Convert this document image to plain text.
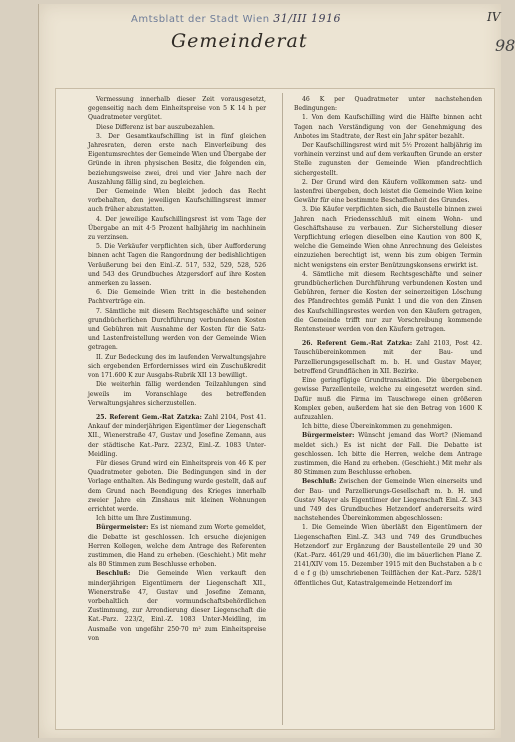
Amtsblatt der Stadt Wien 31/III 1916	IV
98
Gemeinderat

Vermessung innerhalb dieser Zeit vorausgesetzt, gegenseitig nach dem Einheitspreise von 5 K 14 h per Quadratmeter vergütet.

Diese Differenz ist bar auszubezahlen.

3. Der Gesamtkaufschilling ist in fünf gleichen Jahresraten, deren erste nach Einverleibung des Eigentumsrechtes der Gemeinde Wien und Übergabe der Gründe in ihren physischen Besitz, die folgenden ein, beziehungsweise zwei, drei und vier Jahre nach der Auszahlung fällig sind, zu begleichen.

Der Gemeinde Wien bleibt jedoch das Recht vorbehalten, den jeweiligen Kaufschillingsrest immer auch früher abzustatten.

4. Der jeweilige Kaufschillingsrest ist vom Tage der Übergabe an mit 4·5 Prozent halbjährig im nachhinein zu verzinsen.

5. Die Verkäufer verpflichten sich, über Aufforderung binnen acht Tagen die Rangordnung der bedishlichtigen Veräußerung bei den Einl.-Z. 517, 532, 529, 528, 526 und 543 des Grundbuches Atzgersdorf auf ihre Kosten anmerken zu lassen.

6. Die Gemeinde Wien tritt in die bestehenden Pachtverträge ein.

7. Sämtliche mit diesem Rechtsgeschäfte und seiner grundbücherlichen Durchführung verbundenen Kosten und Gebühren mit Ausnahme der Kosten für die Satz- und Lastenfreistellung werden von der Gemeinde Wien getragen.

II. Zur Bedeckung des im laufenden Verwaltungsjahre sich ergebenden Erfordernisses wird ein Zuschußkredit von 171.600 K zur Ausgabs-Rubrik XII 13 bewilligt.

Die weiterhin fällig werdenden Teilzahlungen sind jeweils im Voranschlage des betreffenden Verwaltungsjahres sicherzustellen.

25. Referent Gem.-Rat Zatzka: Zahl 2104, Post 41. Ankauf der minderjährigen Eigentümer der Liegenschaft XII., Wienerstraße 47, Gustav und Josefine Zemann, aus der städtische Kat.-Parz. 223/2, Einl.-Z. 1083 Unter-Meidling.

Für dieses Grund wird ein Einheitspreis von 46 K per Quadratmeter geboten. Die Bedingungen sind in der Vorlage enthalten. Als Bedingung wurde gestellt, daß auf dem Grund nach Beendigung des Krieges innerhalb zweier Jahre ein Zinshaus mit kleinen Wohnungen errichtet werde.

Ich bitte um Ihre Zustimmung.

Bürgermeister: Es ist niemand zum Worte gemeldet, die Debatte ist geschlossen. Ich ersuche diejenigen Herren Kollegen, welche dem Antrage des Referenten zustimmen, die Hand zu erheben. (Geschieht.) Mit mehr als 80 Stimmen zum Beschlusse erhoben.

Beschluß: Die Gemeinde Wien verkauft den minderjährigen Eigentümern der Liegenschaft XII., Wienerstraße 47, Gustav und Josefine Zemann, vorbehaltlich der vormundschaftsbehördlichen Zustimmung, zur Arrondierung dieser Liegenschaft die Kat.-Parz. 223/2, Einl.-Z. 1083 Unter-Meidling, im Ausmaße von ungefähr 250·70 m² zum Einheitspreise von

46 K per Quadratmeter unter nachstehenden Bedingungen:

1. Von dem Kaufschilling wird die Hälfte binnen acht Tagen nach Verständigung von der Genehmigung des Anbotes im Stadtrate, der Rest ein Jahr später bezahlt.

Der Kaufschillingsrest wird mit 5½ Prozent halbjährig im vorhinein verzinst und auf dem verkauften Grunde an erster Stelle zugunsten der Gemeinde Wien pfandrechtlich sichergestellt.

2. Der Grund wird den Käufern vollkommen satz- und lastenfrei übergeben, doch leistet die Gemeinde Wien keine Gewähr für eine bestimmte Beschaffenheit des Grundes.

3. Die Käufer verpflichten sich, die Baustelle binnen zwei Jahren nach Friedensschluß mit einem Wohn- und Geschäftshause zu verbauen. Zur Sicherstellung dieser Verpflichtung erlegen dieselben eine Kaution von 800 K, welche die Gemeinde Wien ohne Anrechnung des Geleistes einzuziehen berechtigt ist, wenn bis zum obigen Termin nicht wenigstens ein erster Benützungskonsens erwirkt ist.

4. Sämtliche mit diesem Rechtsgeschäfte und seiner grundbücherlichen Durchführung verbundenen Kosten und Gebühren, ferner die Kosten der seinerzeitigen Löschung des Pfandrechtes gemäß Punkt 1 und die von den Zinsen des Kaufschillingsrestes werden von den Käufern getragen, die Gemeinde trifft nur zur Vorschreibung kommende Rentensteuer werden von den Käufern getragen.

26. Referent Gem.-Rat Zatzka: Zahl 2103, Post 42. Tauschübereinkommen mit der Bau- und Parzellierungsgesellschaft m. b. H. und Gustav Mayer, betreffend Grundflächen in XII. Bezirke.

Eine geringfügige Grundtransaktion. Die übergebenen gewisse Parzellenteile, welche zu eingesetzt werden sind. Dafür muß die Firma im Tauschwege einen größeren Komplex geben, außerdem hat sie den Betrag von 1600 K aufzuzahlen.

Ich bitte, diese Übereinkommen zu genehmigen.

Bürgermeister: Wünscht jemand das Wort? (Niemand meldet sich.) Es ist nicht der Fall. Die Debatte ist geschlossen. Ich bitte die Herren, welche dem Antrage zustimmen, die Hand zu erheben. (Geschieht.) Mit mehr als 80 Stimmen zum Beschlusse erhoben.

Beschluß: Zwischen der Gemeinde Wien einerseits und der Bau- und Parzellierungs-Gesellschaft m. b. H. und Gustav Mayer als Eigentümer der Liegenschaft Einl.-Z. 343 und 749 des Grundbuches Hetzendorf andererseits wird nachstehendes Übereinkommen abgeschlossen:

1. Die Gemeinde Wien überläßt den Eigentümern der Liegenschaften Einl.-Z. 343 und 749 des Grundbuches Hetzendorf zur Ergänzung der Baustellenteile 29 und 30 (Kat.-Parz. 461/29 und 461/30), die im bäuerlichen Plane Z. 2141/XIV vom 15. Dezember 1915 mit den Buchstaben a b c d e f g (b) umschriebenen Teilflächen der Kat.-Parz. 528/1 öffentliches Gut, Katastralgemeinde Hetzendorf im
